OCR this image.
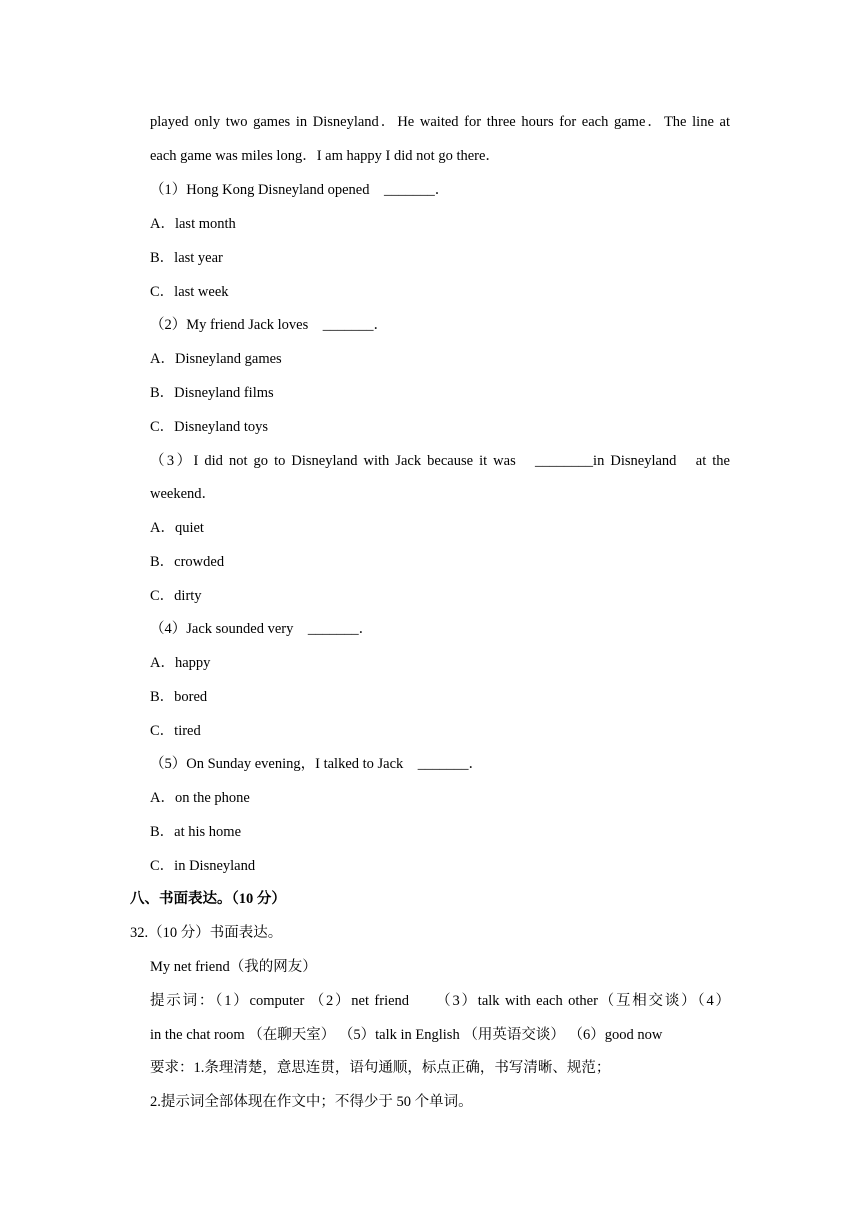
played only two games in Disneyland．He waited for three hours for each game．The line at
each game was miles long．I am happy I did not go there．
（1）Hong Kong Disneyland opened　_______．
A．last month
B．last year
C．last week
（2）My friend Jack loves　_______．
A．Disneyland games
B．Disneyland films
C．Disneyland toys
（3）I did not go to Disneyland with Jack because it was　________in Disneyland　at the
weekend．
A．quiet
B．crowded
C．dirty
（4）Jack sounded very　_______．
A．happy
B．bored
C．tired
（5）On Sunday evening，I talked to Jack　_______．
A．on the phone
B．at his home
C．in Disneyland
八、书面表达。（10 分）
32.（10 分）书面表达。
My net friend（我的网友）
提示词：（1）computer （2）net friend　　（3）talk with each other（互相交谈）（4）
in the chat room （在聊天室） （5）talk in English （用英语交谈） （6）good now
要求：1.条理清楚，意思连贯，语句通顺，标点正确，书写清晰、规范；
2.提示词全部体现在作文中；不得少于 50 个单词。
